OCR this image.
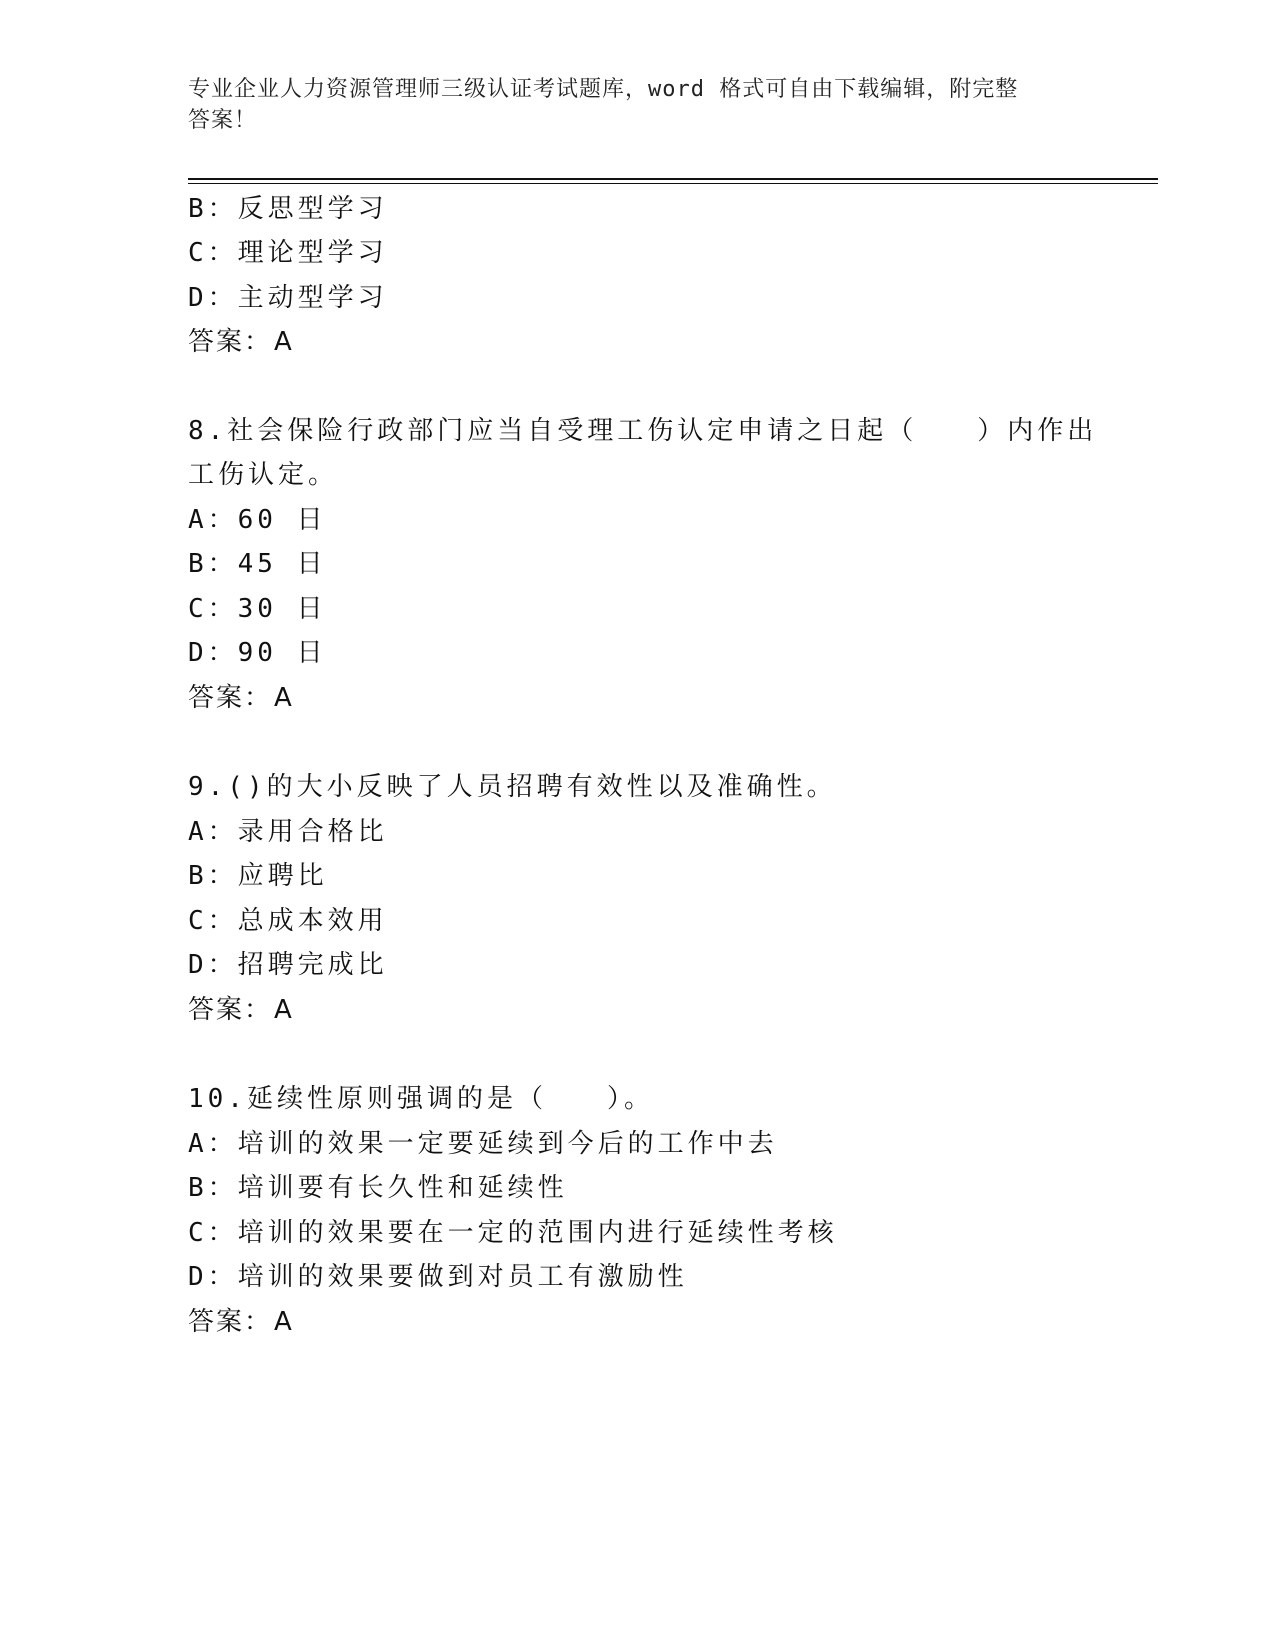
专业企业人力资源管理师三级认证考试题库，word 格式可自由下载编辑，附完整
答案！
B：反思型学习
C：理论型学习
D：主动型学习
答案：A
8.社会保险行政部门应当自受理工伤认定申请之日起（　　）内作出
工伤认定。
A：60 日
B：45 日
C：30 日
D：90 日
答案：A
9.()的大小反映了人员招聘有效性以及准确性。
A：录用合格比
B：应聘比
C：总成本效用
D：招聘完成比
答案：A
10.延续性原则强调的是（　　）。
A：培训的效果一定要延续到今后的工作中去
B：培训要有长久性和延续性
C：培训的效果要在一定的范围内进行延续性考核
D：培训的效果要做到对员工有激励性
答案：A
